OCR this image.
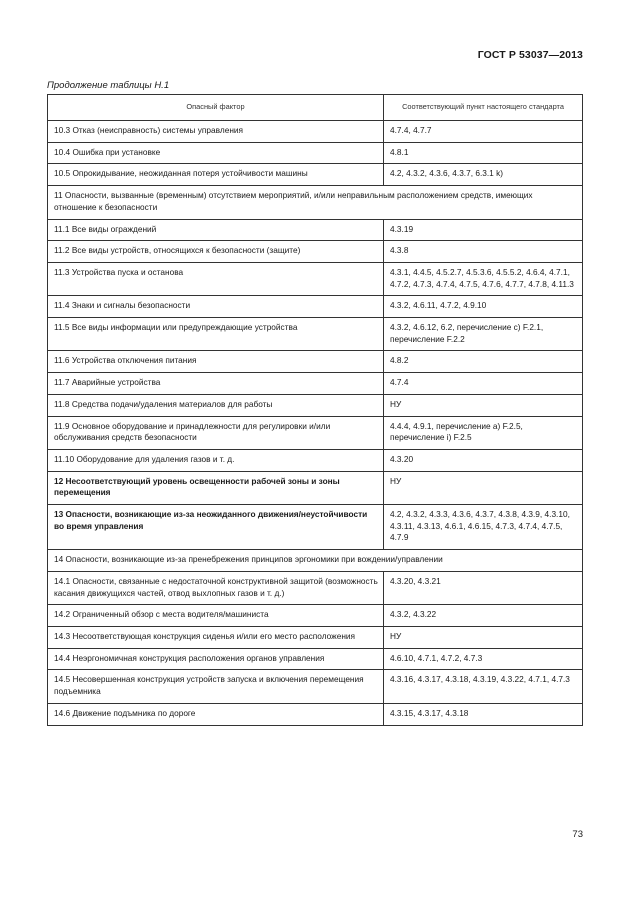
ГОСТ Р 53037—2013
Продолжение таблицы Н.1
Опасный фактор	Соответствующий пункт настоящего стандарта
10.3 Отказ (неисправность) системы управления	4.7.4, 4.7.7
10.4 Ошибка при установке	4.8.1
10.5 Опрокидывание, неожиданная потеря устойчивости машины	4.2, 4.3.2, 4.3.6, 4.3.7, 6.3.1 k)
11 Опасности, вызванные (временным) отсутствием мероприятий, и/или неправильным расположением средств, имеющих отношение к безопасности	
11.1 Все виды ограждений	4.3.19
11.2 Все виды устройств, относящихся к безопасности (защите)	4.3.8
11.3 Устройства пуска и останова	4.3.1, 4.4.5, 4.5.2.7, 4.5.3.6, 4.5.5.2, 4.6.4, 4.7.1, 4.7.2, 4.7.3, 4.7.4, 4.7.5, 4.7.6, 4.7.7, 4.7.8, 4.11.3
11.4 Знаки и сигналы безопасности	4.3.2, 4.6.11, 4.7.2, 4.9.10
11.5 Все виды информации или предупреждающие устройства	4.3.2, 4.6.12, 6.2, перечисление с) F.2.1, перечисление F.2.2
11.6 Устройства отключения питания	4.8.2
11.7 Аварийные устройства	4.7.4
11.8 Средства подачи/удаления материалов для работы	НУ
11.9 Основное оборудование и принадлежности для регулировки и/или обслуживания средств безопасности	4.4.4, 4.9.1, перечисление a) F.2.5, перечисление i) F.2.5
11.10 Оборудование для удаления газов и т. д.	4.3.20
12 Несоответствующий уровень освещенности рабочей зоны и зоны перемещения	НУ
13 Опасности, возникающие из-за неожиданного движения/неустойчивости во время управления	4.2, 4.3.2, 4.3.3, 4.3.6, 4.3.7, 4.3.8, 4.3.9, 4.3.10, 4.3.11, 4.3.13, 4.6.1, 4.6.15, 4.7.3, 4.7.4, 4.7.5, 4.7.9
14 Опасности, возникающие из-за пренебрежения принципов эргономики при вождении/управлении	
14.1 Опасности, связанные с недостаточной конструктивной защитой (возможность касания движущихся частей, отвод выхлопных газов и т. д.)	4.3.20, 4.3.21
14.2 Ограниченный обзор с места водителя/машиниста	4.3.2, 4.3.22
14.3 Несоответствующая конструкция сиденья и/или его место расположения	НУ
14.4 Неэргономичная конструкция расположения органов управления	4.6.10, 4.7.1, 4.7.2, 4.7.3
14.5 Несовершенная конструкция устройств запуска и включения перемещения подъемника	4.3.16, 4.3.17, 4.3.18, 4.3.19, 4.3.22, 4.7.1, 4.7.3
14.6 Движение подъмника по дороге	4.3.15, 4.3.17, 4.3.18
73
